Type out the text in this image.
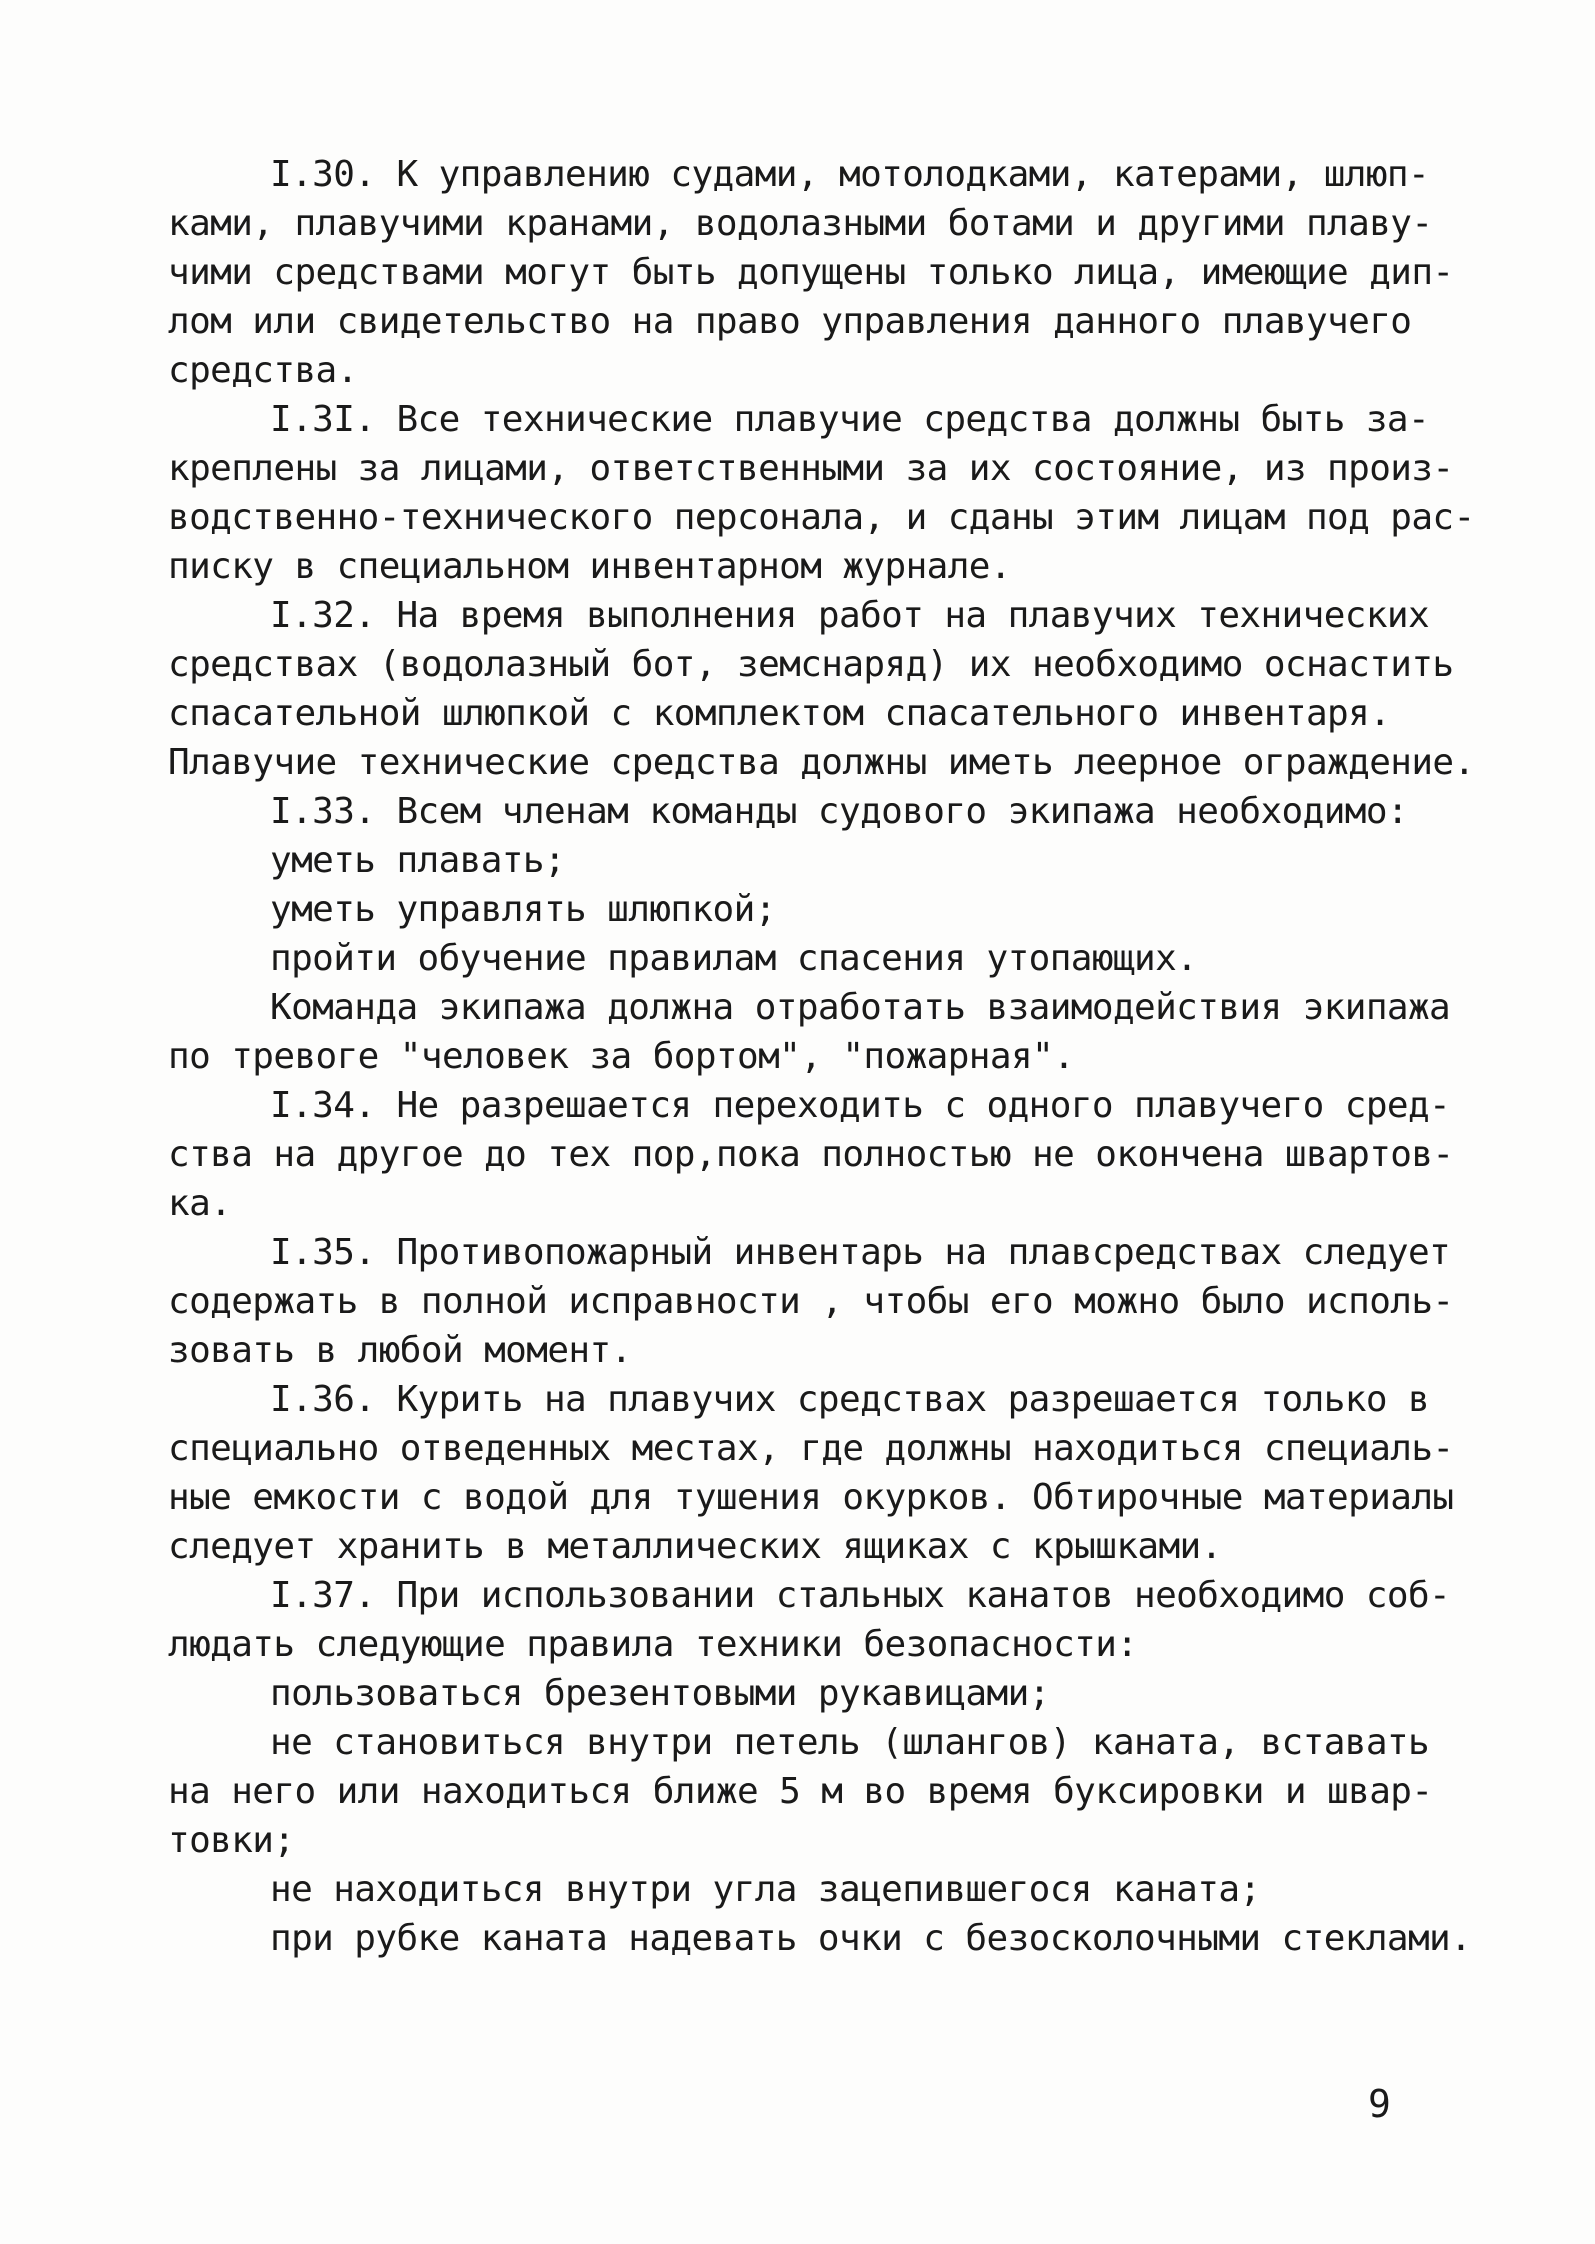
I.30. К управлению судами, мотолодками, катерами, шлюп-
ками, плавучими кранами, водолазными ботами и другими плаву-
чими средствами могут быть допущены только лица, имеющие дип-
лом или свидетельство на право управления данного плавучего
средства.
I.3I. Все технические плавучие средства должны быть за-
креплены за лицами, ответственными за их состояние, из произ-
водственно-технического персонала, и сданы этим лицам под рас-
писку в специальном инвентарном журнале.
I.32. На время выполнения работ на плавучих технических
средствах (водолазный бот, земснаряд) их необходимо оснастить
спасательной шлюпкой с комплектом спасательного инвентаря.
Плавучие технические средства должны иметь леерное ограждение.
I.33. Всем членам команды судового экипажа необходимо:
уметь плавать;
уметь управлять шлюпкой;
пройти обучение правилам спасения утопающих.
Команда экипажа должна отработать взаимодействия экипажа
по тревоге "человек за бортом", "пожарная".
I.34. Не разрешается переходить с одного плавучего сред-
ства на другое до тех пор,пока полностью не окончена швартов-
ка.
I.35. Противопожарный инвентарь на плавсредствах следует
содержать в полной исправности , чтобы его можно было исполь-
зовать в любой момент.
I.36. Курить на плавучих средствах разрешается только в
специально отведенных местах, где должны находиться специаль-
ные емкости с водой для тушения окурков. Обтирочные материалы
следует хранить в металлических ящиках с крышками.
I.37. При использовании стальных канатов необходимо соб-
людать следующие правила техники безопасности:
пользоваться брезентовыми рукавицами;
не становиться внутри петель (шлангов) каната, вставать
на него или находиться ближе 5 м во время буксировки и швар-
товки;
не находиться внутри угла зацепившегося каната;
при рубке каната надевать очки с безосколочными стеклами.
9
